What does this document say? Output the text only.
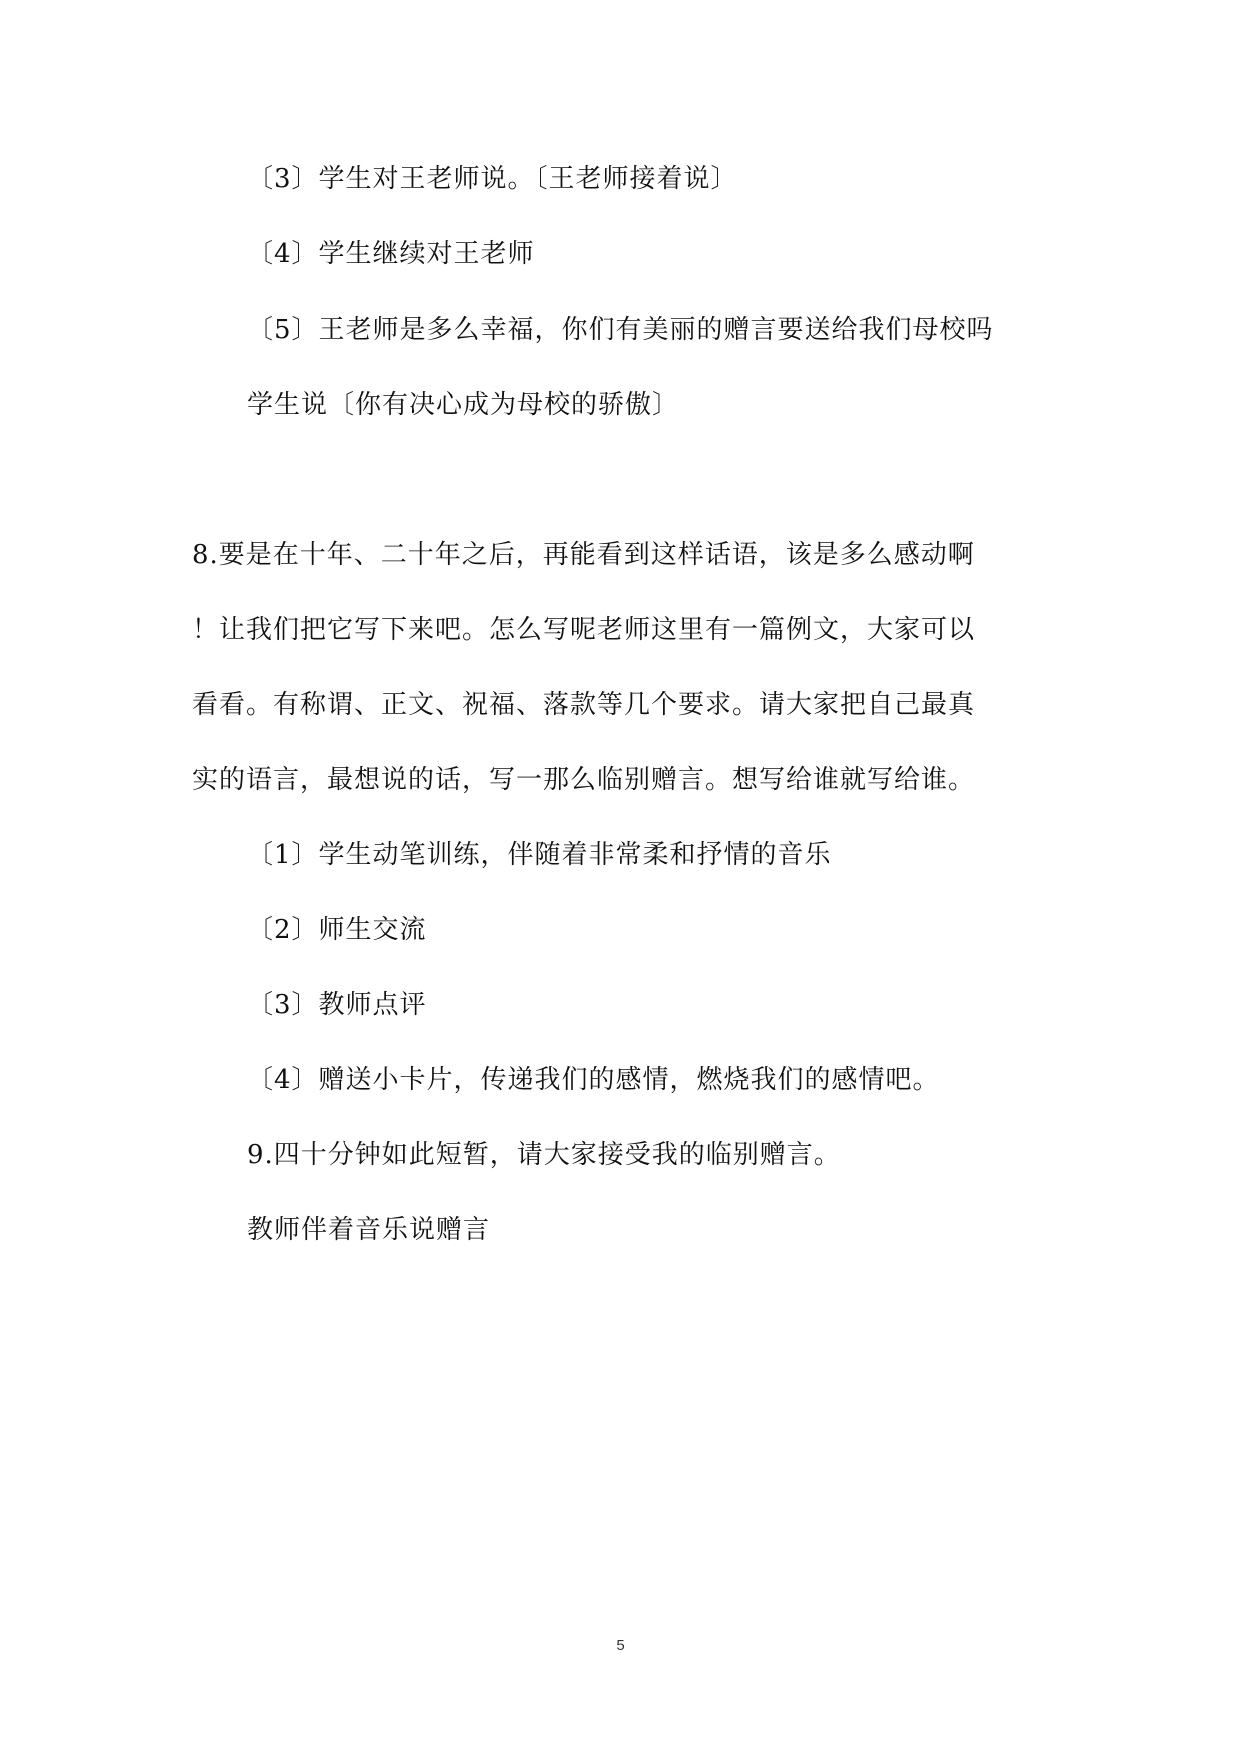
〔3〕学生对王老师说。〔王老师接着说〕
〔4〕学生继续对王老师
〔5〕王老师是多么幸福，你们有美丽的赠言要送给我们母校吗
学生说〔你有决心成为母校的骄傲〕
8.要是在十年、二十年之后，再能看到这样话语，该是多么感动啊
！让我们把它写下来吧。怎么写呢老师这里有一篇例文，大家可以
看看。有称谓、正文、祝福、落款等几个要求。请大家把自己最真
实的语言，最想说的话，写一那么临别赠言。想写给谁就写给谁。
〔1〕学生动笔训练，伴随着非常柔和抒情的音乐
〔2〕师生交流
〔3〕教师点评
〔4〕赠送小卡片，传递我们的感情，燃烧我们的感情吧。
9.四十分钟如此短暂，请大家接受我的临别赠言。
教师伴着音乐说赠言
5
